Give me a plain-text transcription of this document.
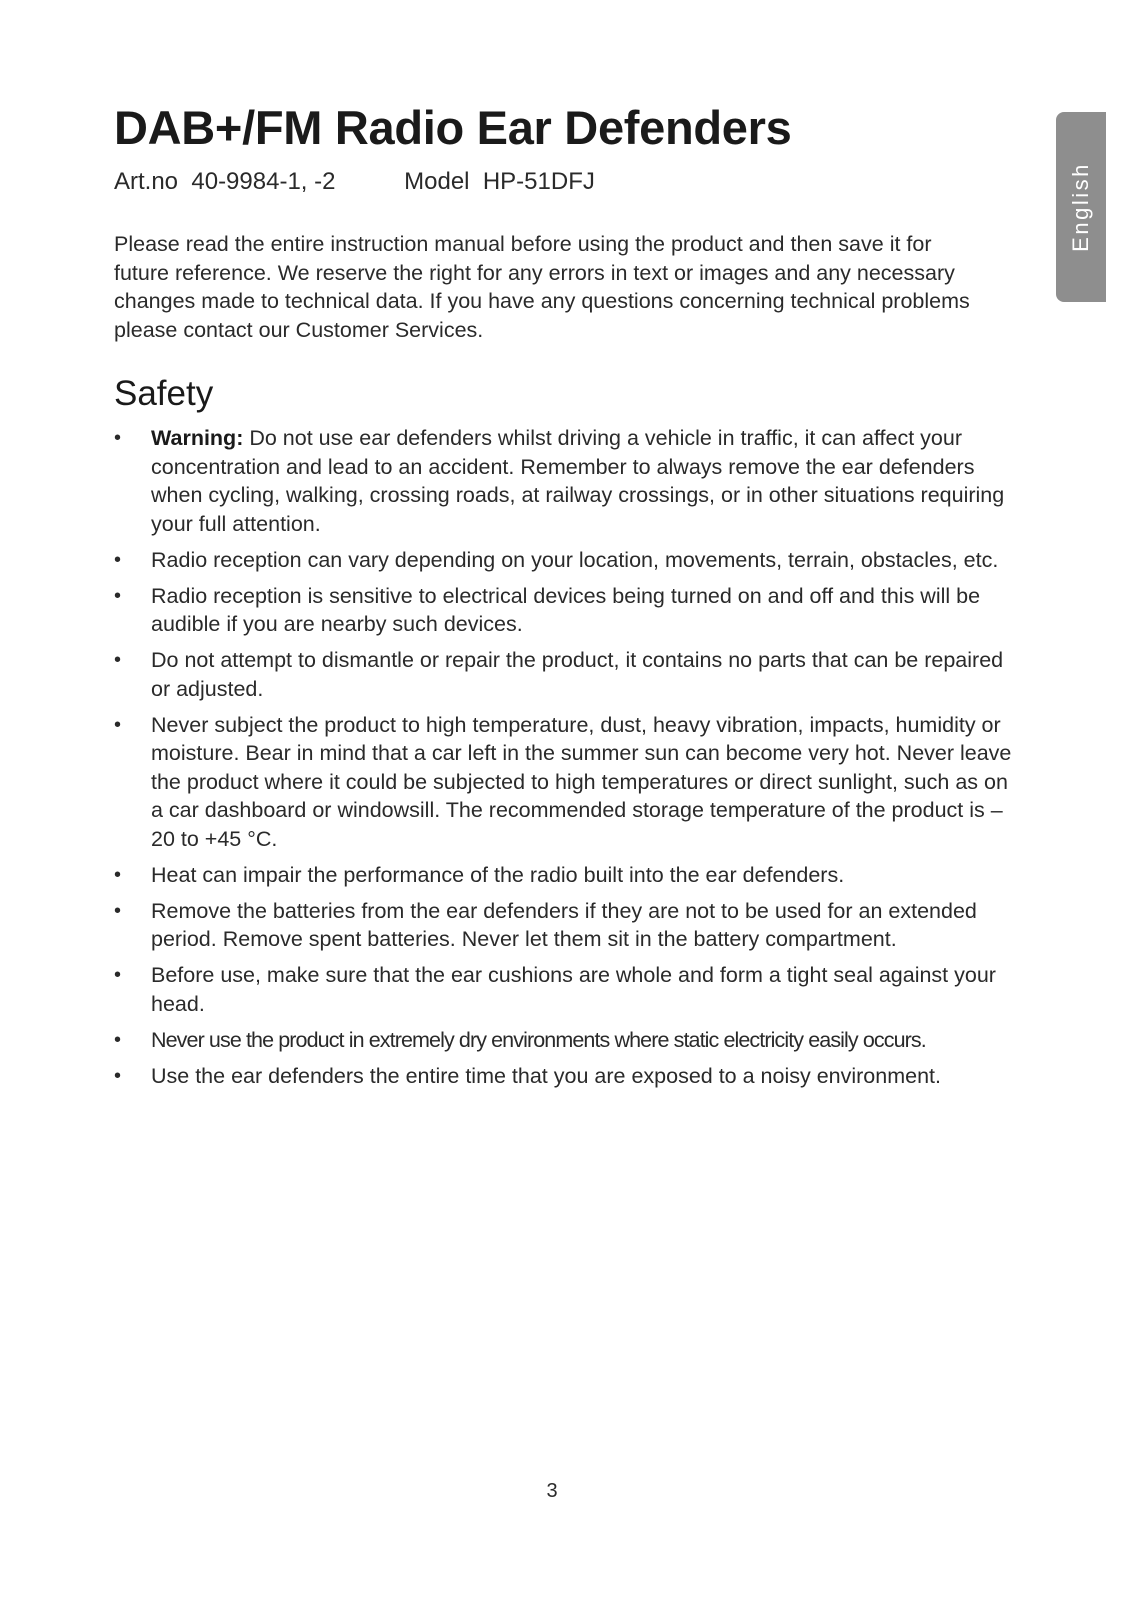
DAB+/FM Radio Ear Defenders
Art.no  40-9984-1, -2	Model  HP-51DFJ

Please read the entire instruction manual before using the product and then save it for future reference. We reserve the right for any errors in text or images and any necessary changes made to technical data. If you have any questions concerning technical problems please contact our Customer Services.

Safety
• Warning: Do not use ear defenders whilst driving a vehicle in traffic, it can affect your concentration and lead to an accident. Remember to always remove the ear defenders when cycling, walking, crossing roads, at railway crossings, or in other situations requiring your full attention.
• Radio reception can vary depending on your location, movements, terrain, obstacles, etc.
• Radio reception is sensitive to electrical devices being turned on and off and this will be audible if you are nearby such devices.
• Do not attempt to dismantle or repair the product, it contains no parts that can be repaired or adjusted.
• Never subject the product to high temperature, dust, heavy vibration, impacts, humidity or moisture. Bear in mind that a car left in the summer sun can become very hot. Never leave the product where it could be subjected to high temperatures or direct sunlight, such as on a car dashboard or windowsill. The recommended storage temperature of the product is –20 to +45 °C.
• Heat can impair the performance of the radio built into the ear defenders.
• Remove the batteries from the ear defenders if they are not to be used for an extended period. Remove spent batteries. Never let them sit in the battery compartment.
• Before use, make sure that the ear cushions are whole and form a tight seal against your head.
• Never use the product in extremely dry environments where static electricity easily occurs.
• Use the ear defenders the entire time that you are exposed to a noisy environment.
English
3
